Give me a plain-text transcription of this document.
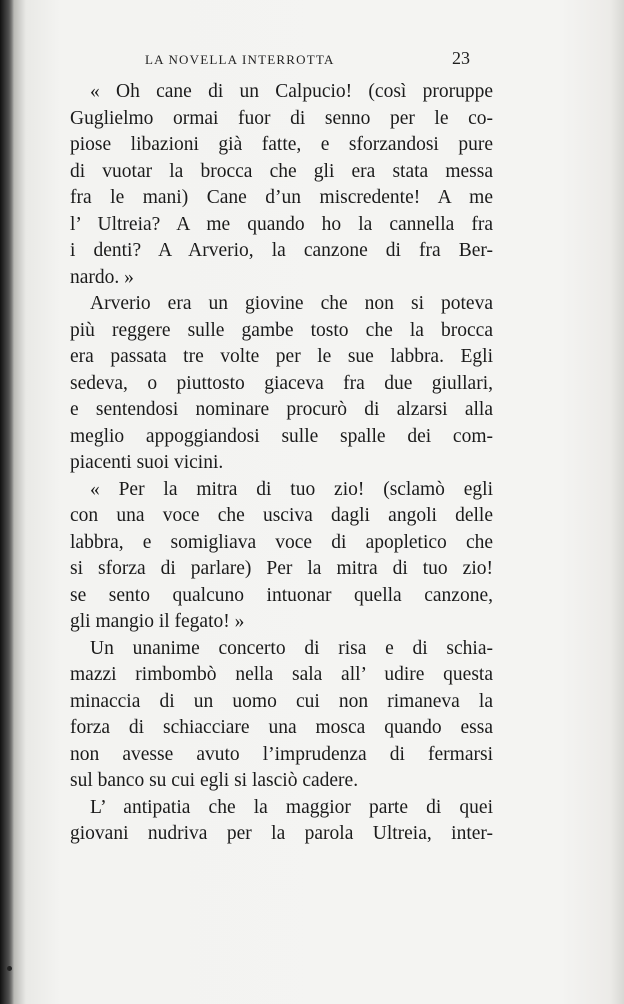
LA NOVELLA INTERROTTA	23
« Oh cane di un Calpucio! (così proruppe
Guglielmo ormai fuor di senno per le co-
piose libazioni già fatte, e sforzandosi pure
di vuotar la brocca che gli era stata messa
fra le mani) Cane d’un miscredente! A me
l’ Ultreia? A me quando ho la cannella fra
i denti? A Arverio, la canzone di fra Ber-
nardo. »
Arverio era un giovine che non si poteva
più reggere sulle gambe tosto che la brocca
era passata tre volte per le sue labbra. Egli
sedeva, o piuttosto giaceva fra due giullari,
e sentendosi nominare procurò di alzarsi alla
meglio appoggiandosi sulle spalle dei com-
piacenti suoi vicini.
« Per la mitra di tuo zio! (sclamò egli
con una voce che usciva dagli angoli delle
labbra, e somigliava voce di apopletico che
si sforza di parlare) Per la mitra di tuo zio!
se sento qualcuno intuonar quella canzone,
gli mangio il fegato! »
Un unanime concerto di risa e di schia-
mazzi rimbombò nella sala all’ udire questa
minaccia di un uomo cui non rimaneva la
forza di schiacciare una mosca quando essa
non avesse avuto l’imprudenza di fermarsi
sul banco su cui egli si lasciò cadere.
L’ antipatia che la maggior parte di quei
giovani nudriva per la parola Ultreia, inter-
